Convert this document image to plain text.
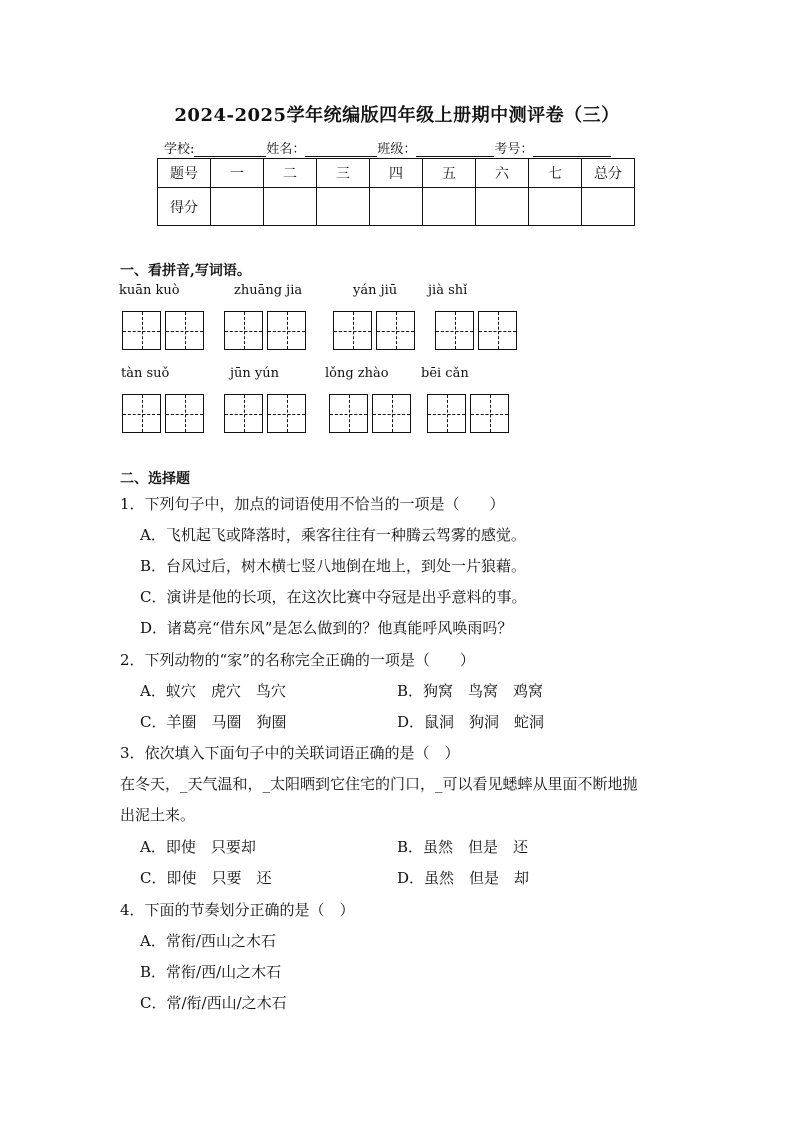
2024-2025学年统编版四年级上册期中测评卷（三）
学校:	姓名：	班级：	考号：
题号	一	二	三	四	五	六	七	总分
得分								
一、看拼音,写词语。
kuān kuò	zhuāng jia	yán jiū jià shǐ
tàn suǒ	jūn yún	lǒng zhào bēi cǎn
二、选择题
1．下列句子中，加点的词语使用不恰当的一项是（　　）
A．飞机起飞或降落时，乘客往往有一种腾云驾雾的感觉。
B．台风过后，树木横七竖八地倒在地上，到处一片狼藉。
C．演讲是他的长项，在这次比赛中夺冠是出乎意料的事。
D．诸葛亮“借东风”是怎么做到的？他真能呼风唤雨吗？
2．下列动物的“家”的名称完全正确的一项是（　　）
A．蚁穴　虎穴　鸟穴	B．狗窝　鸟窝　鸡窝
C．羊圈　马圈　狗圈	D．鼠洞　狗洞　蛇洞
3．依次填入下面句子中的关联词语正确的是（　）
在冬天，_天气温和，_太阳晒到它住宅的门口，_可以看见蟋蟀从里面不断地抛
出泥土来。
A．即使　只要却	B．虽然　但是　还
C．即使　只要　还	D．虽然　但是　却
4．下面的节奏划分正确的是（　）
A．常衔/西山之木石
B．常衔/西/山之木石
C．常/衔/西山/之木石
